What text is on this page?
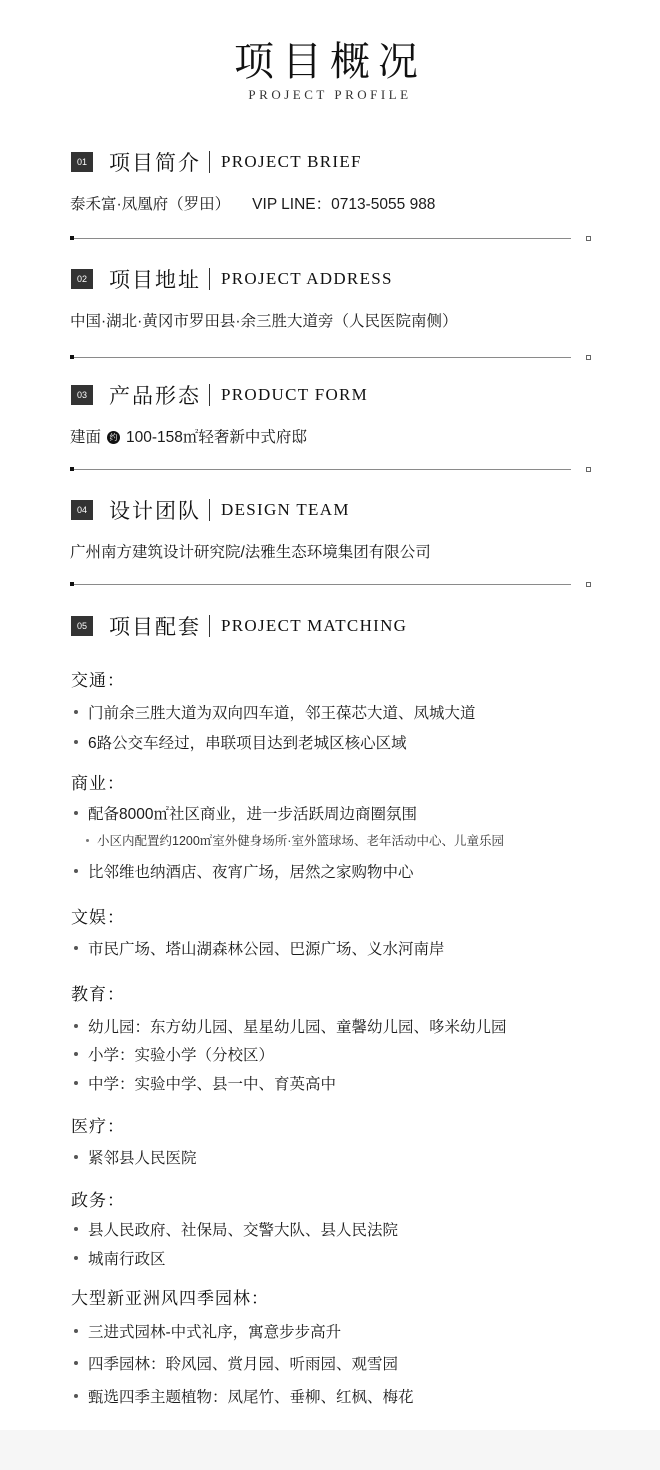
项目概况
PROJECT PROFILE
01 项目简介 PROJECT BRIEF
泰禾富·凤凰府（罗田） VIP LINE：0713-5055 988
02 项目地址 PROJECT ADDRESS
中国·湖北·黄冈市罗田县·余三胜大道旁（人民医院南侧）
03 产品形态 PRODUCT FORM
建面 约 100-158㎡轻奢新中式府邸
04 设计团队 DESIGN TEAM
广州南方建筑设计研究院/法雅生态环境集团有限公司
05 项目配套 PROJECT MATCHING
交通：
门前余三胜大道为双向四车道，邻王葆芯大道、凤城大道
6路公交车经过，串联项目达到老城区核心区域
商业：
配备8000㎡社区商业，进一步活跃周边商圈氛围
小区内配置约1200㎡室外健身场所·室外篮球场、老年活动中心、儿童乐园
比邻维也纳酒店、夜宵广场，居然之家购物中心
文娱：
市民广场、塔山湖森林公园、巴源广场、义水河南岸
教育：
幼儿园：东方幼儿园、星星幼儿园、童馨幼儿园、哆米幼儿园
小学：实验小学（分校区）
中学：实验中学、县一中、育英高中
医疗：
紧邻县人民医院
政务：
县人民政府、社保局、交警大队、县人民法院
城南行政区
大型新亚洲风四季园林：
三进式园林-中式礼序，寓意步步高升
四季园林：聆风园、赏月园、听雨园、观雪园
甄选四季主题植物：凤尾竹、垂柳、红枫、梅花
